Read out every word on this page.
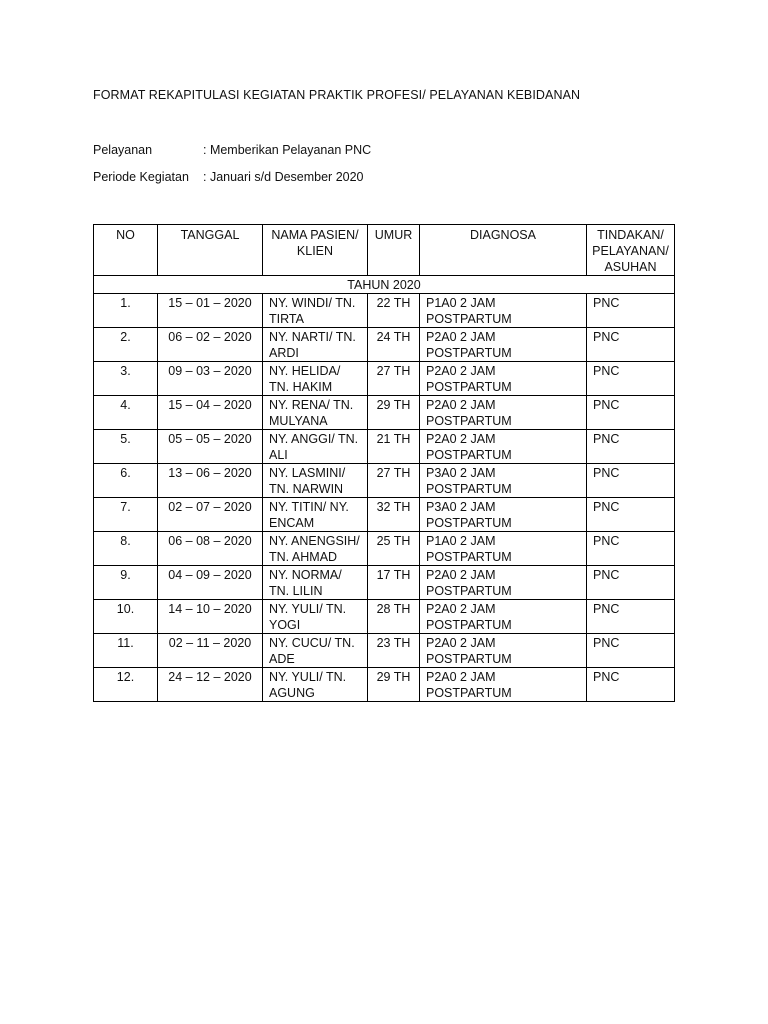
FORMAT REKAPITULASI KEGIATAN PRAKTIK PROFESI/ PELAYANAN KEBIDANAN
Pelayanan	: Memberikan Pelayanan PNC
Periode Kegiatan : Januari s/d Desember 2020
NO	TANGGAL	NAMA PASIEN/ KLIEN	UMUR	DIAGNOSA	TINDAKAN/ PELAYANAN/ ASUHAN
TAHUN 2020					
1.	15 – 01 – 2020	NY. WINDI/ TN. TIRTA	22 TH	P1A0 2 JAM POSTPARTUM	PNC
2.	06 – 02 – 2020	NY. NARTI/ TN. ARDI	24 TH	P2A0 2 JAM POSTPARTUM	PNC
3.	09 – 03 – 2020	NY. HELIDA/ TN. HAKIM	27 TH	P2A0 2 JAM POSTPARTUM	PNC
4.	15 – 04 – 2020	NY. RENA/ TN. MULYANA	29 TH	P2A0 2 JAM POSTPARTUM	PNC
5.	05 – 05 – 2020	NY. ANGGI/ TN. ALI	21 TH	P2A0 2 JAM POSTPARTUM	PNC
6.	13 – 06 – 2020	NY. LASMINI/ TN. NARWIN	27 TH	P3A0 2 JAM POSTPARTUM	PNC
7.	02 – 07 – 2020	NY. TITIN/ NY. ENCAM	32 TH	P3A0 2 JAM POSTPARTUM	PNC
8.	06 – 08 – 2020	NY. ANENGSIH/ TN. AHMAD	25 TH	P1A0 2 JAM POSTPARTUM	PNC
9.	04 – 09 – 2020	NY. NORMA/ TN. LILIN	17 TH	P2A0 2 JAM POSTPARTUM	PNC
10.	14 – 10 – 2020	NY. YULI/ TN. YOGI	28 TH	P2A0 2 JAM POSTPARTUM	PNC
11.	02 – 11 – 2020	NY. CUCU/ TN. ADE	23 TH	P2A0 2 JAM POSTPARTUM	PNC
12.	24 – 12 – 2020	NY. YULI/ TN. AGUNG	29 TH	P2A0 2 JAM POSTPARTUM	PNC
